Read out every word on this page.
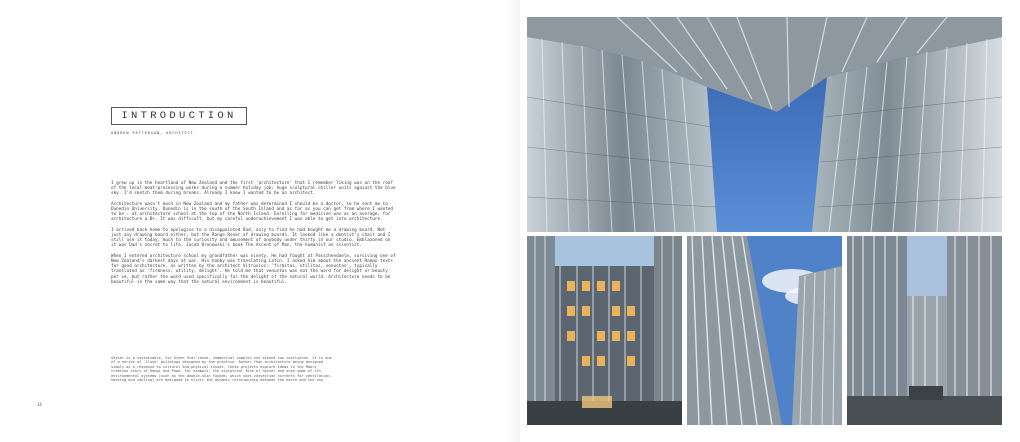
INTRODUCTION
ANDREW PATTERSON, ARCHITECT

I grew up in the heartland of New Zealand and the first 'architecture' that I remember liking was on the roof of the local meat-processing works during a summer holiday job: huge sculptural chiller units against the blue sky. I'd sketch them during breaks. Already I knew I wanted to be an architect.

Architecture wasn't much in New Zealand and my father was determined I should be a doctor, so he sent me to Dunedin University. Dunedin is in the south of the South Island and as far as you can get from where I wanted to be - at architecture school at the top of the North Island. Enrolling for medicine was as an average, for architecture a B+. It was difficult, but my careful underachievement I was able to get into architecture.

I arrived back home to apologise to a disappointed Dad, only to find he had bought me a drawing board. Not just any drawing board either, but the Range Rover of drawing boards. It looked like a dentist's chair and I still use it today, much to the curiosity and amusement of anybody under thirty in our studio. Emblazoned on it was Dad's secret to life, Jacob Bronowski's book The Ascent of Man, the humanist as scientist.

When I entered architecture school my grandfather was ninety. He had fought at Passchendaele, surviving one of New Zealand's darkest days at war. His hobby was translating Latin. I asked him about the ancient Roman texts for good architecture, as written by the architect Vitruvius: 'firmitas, utilitas, venustas', typically translated as 'firmness, utility, delight'. He told me that venustas was not the word for delight or beauty per se, but rather the word used specifically for the delight of the natural world. Architecture needs to be beautiful in the same way that the natural environment is beautiful.

Geyser is a sustainable, Six Green Star-rated, commercial complex set around two courtyards. It is one of a series of 'Cloud' buildings designed by the practice. Rather than architecture being designed simply as a response to cultural and physical issues, these projects explore ideas in the Maori creation story of Rangi and Papa. For example, the sculptural form of Geyser and even some of its environmental systems (such as the double-skin façade, which uses convection currents for ventilation, heating and cooling) are designed to elicit the dynamic relationship between the earth and the sky.
14
